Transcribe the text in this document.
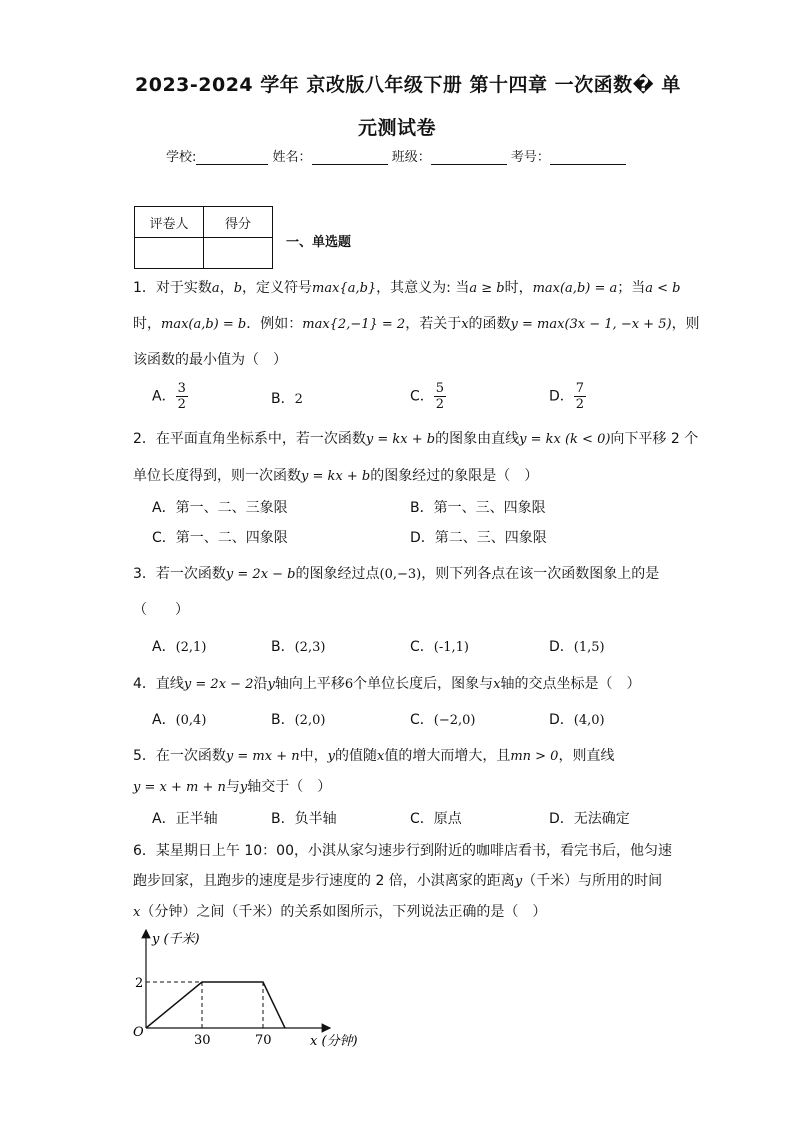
2023-2024 学年 京改版八年级下册 第十四章 一次函数� 单
元测试卷
学校:	姓名：	班级：	考号：
评卷人	得分

一、单选题
1．对于实数a，b，定义符号max{a,b}，其意义为: 当a ≥ b时，max(a,b) = a；当a < b
时，max(a,b) = b．例如：max{2,−1} = 2，若关于x的函数y = max(3x − 1, −x + 5)，则
该函数的最小值为（　）
A． $\frac{3}{2}$	B．2	C． $\frac{5}{2}$	D． $\frac{7}{2}$
2．在平面直角坐标系中，若一次函数y = kx + b的图象由直线y = kx (k < 0)向下平移 2 个
单位长度得到，则一次函数y = kx + b的图象经过的象限是（　）
A．第一、二、三象限	B．第一、三、四象限
C．第一、二、四象限	D．第二、三、四象限
3．若一次函数y = 2x − b的图象经过点(0,−3)，则下列各点在该一次函数图象上的是
（　　）
A．(2,1)	B．(2,3)	C．(-1,1)	D．(1,5)
4．直线y = 2x − 2沿y轴向上平移6个单位长度后，图象与x轴的交点坐标是（　）
A．(0,4)	B．(2,0)	C．(−2,0)	D．(4,0)
5．在一次函数y = mx + n中，y的值随x值的增大而增大，且mn > 0，则直线
y = x + m + n与y轴交于（　）
A．正半轴	B．负半轴	C．原点	D．无法确定
6．某星期日上午 10：00，小淇从家匀速步行到附近的咖啡店看书，看完书后，他匀速
跑步回家，且跑步的速度是步行速度的 2 倍，小淇离家的距离y（千米）与所用的时间
x（分钟）之间（千米）的关系如图所示，下列说法正确的是（　）
y (千米)
x (分钟)
O
2
30	70
